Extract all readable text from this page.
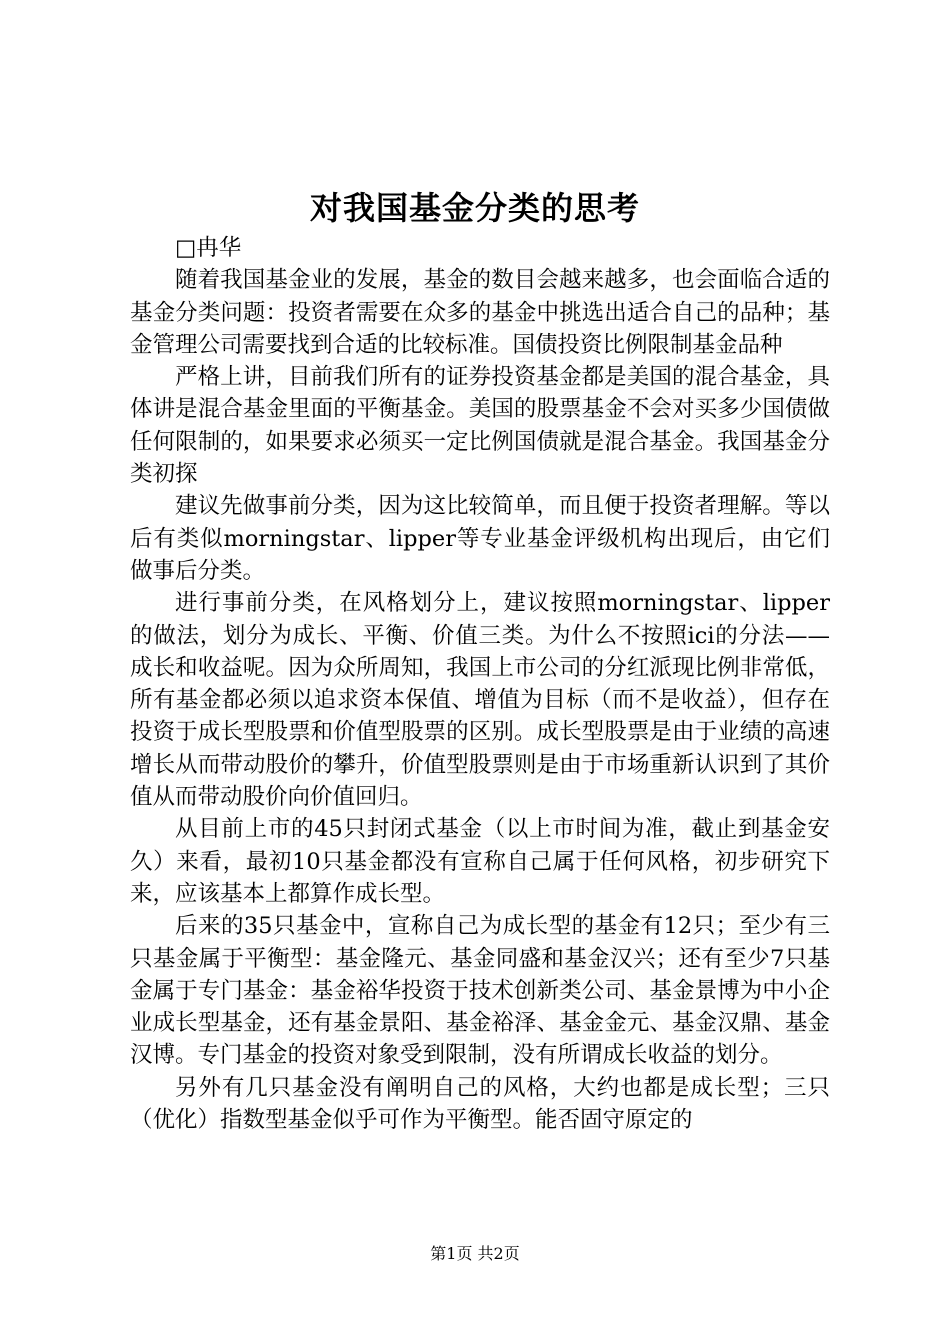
对我国基金分类的思考

□冉华

随着我国基金业的发展，基金的数目会越来越多，也会面临合适的基金分类问题：投资者需要在众多的基金中挑选出适合自己的品种；基金管理公司需要找到合适的比较标准。国债投资比例限制基金品种

严格上讲，目前我们所有的证券投资基金都是美国的混合基金，具体讲是混合基金里面的平衡基金。美国的股票基金不会对买多少国债做任何限制的，如果要求必须买一定比例国债就是混合基金。我国基金分类初探

建议先做事前分类，因为这比较简单，而且便于投资者理解。等以后有类似morningstar、lipper等专业基金评级机构出现后，由它们做事后分类。

进行事前分类，在风格划分上，建议按照morningstar、lipper的做法，划分为成长、平衡、价值三类。为什么不按照ici的分法——成长和收益呢。因为众所周知，我国上市公司的分红派现比例非常低，所有基金都必须以追求资本保值、增值为目标（而不是收益），但存在投资于成长型股票和价值型股票的区别。成长型股票是由于业绩的高速增长从而带动股价的攀升，价值型股票则是由于市场重新认识到了其价值从而带动股价向价值回归。

从目前上市的45只封闭式基金（以上市时间为准，截止到基金安久）来看，最初10只基金都没有宣称自己属于任何风格，初步研究下来，应该基本上都算作成长型。

后来的35只基金中，宣称自己为成长型的基金有12只；至少有三只基金属于平衡型：基金隆元、基金同盛和基金汉兴；还有至少7只基金属于专门基金：基金裕华投资于技术创新类公司、基金景博为中小企业成长型基金，还有基金景阳、基金裕泽、基金金元、基金汉鼎、基金汉博。专门基金的投资对象受到限制，没有所谓成长收益的划分。

另外有几只基金没有阐明自己的风格，大约也都是成长型；三只（优化）指数型基金似乎可作为平衡型。能否固守原定的

第1页 共2页
